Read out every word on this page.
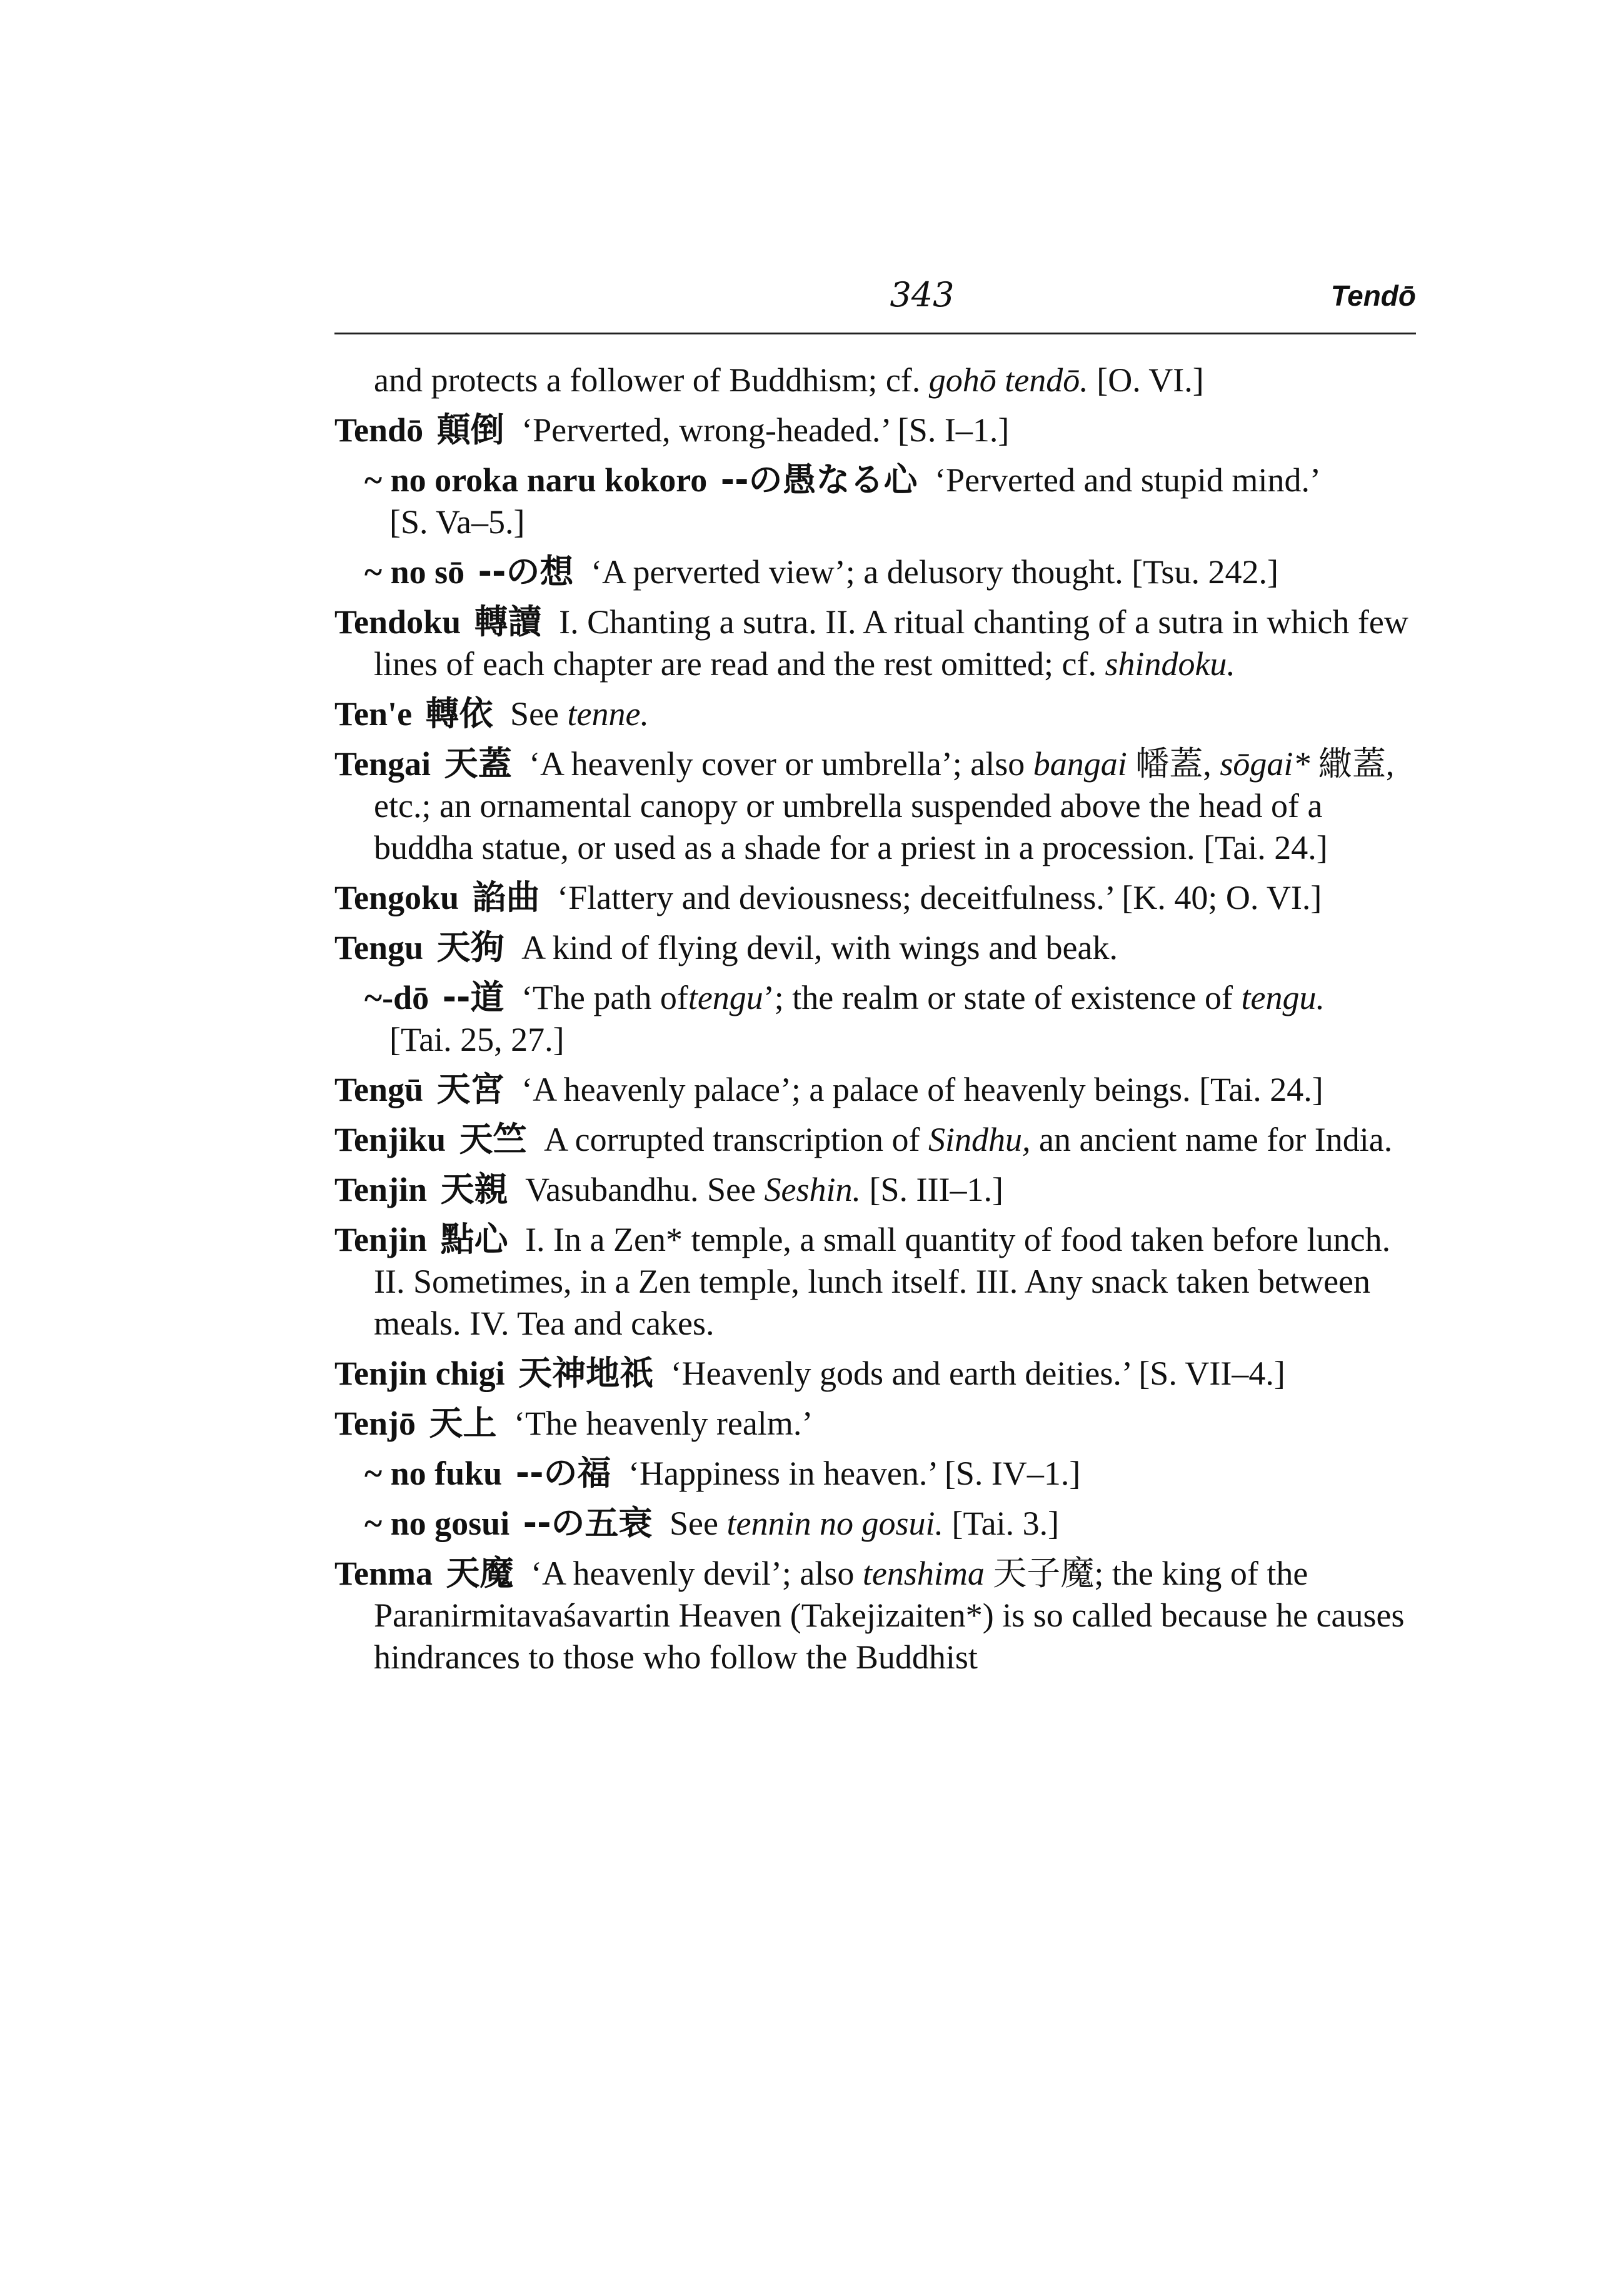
343	Tendō

and protects a follower of Buddhism; cf. gohō tendō. [O. VI.]

Tendō 顛倒 ‘Perverted, wrong-headed.’ [S. I–1.]

~ no oroka naru kokoro --の愚なる心 ‘Perverted and stupid mind.’ [S. Va–5.]

~ no sō --の想 ‘A perverted view’; a delusory thought. [Tsu. 242.]

Tendoku 轉讀 I. Chanting a sutra. II. A ritual chanting of a sutra in which few lines of each chapter are read and the rest omitted; cf. shindoku.

Ten'e 轉依 See tenne.

Tengai 天蓋 ‘A heavenly cover or umbrella’; also bangai 幡蓋, sōgai* 繖蓋, etc.; an ornamental canopy or umbrella suspended above the head of a buddha statue, or used as a shade for a priest in a procession. [Tai. 24.]

Tengoku 諂曲 ‘Flattery and deviousness; deceitfulness.’ [K. 40; O. VI.]

Tengu 天狗 A kind of flying devil, with wings and beak.

~-dō --道 ‘The path oftengu’; the realm or state of existence of tengu. [Tai. 25, 27.]

Tengū 天宮 ‘A heavenly palace’; a palace of heavenly beings. [Tai. 24.]

Tenjiku 天竺 A corrupted transcription of Sindhu, an ancient name for India.

Tenjin 天親 Vasubandhu. See Seshin. [S. III–1.]

Tenjin 點心 I. In a Zen* temple, a small quantity of food taken before lunch. II. Sometimes, in a Zen temple, lunch itself. III. Any snack taken between meals. IV. Tea and cakes.

Tenjin chigi 天神地祇 ‘Heavenly gods and earth deities.’ [S. VII–4.]

Tenjō 天上 ‘The heavenly realm.’

~ no fuku --の福 ‘Happiness in heaven.’ [S. IV–1.]

~ no gosui --の五衰 See tennin no gosui. [Tai. 3.]

Tenma 天魔 ‘A heavenly devil’; also tenshima 天子魔; the king of the Paranirmitavaśavartin Heaven (Takejizaiten*) is so called because he causes hindrances to those who follow the Buddhist
